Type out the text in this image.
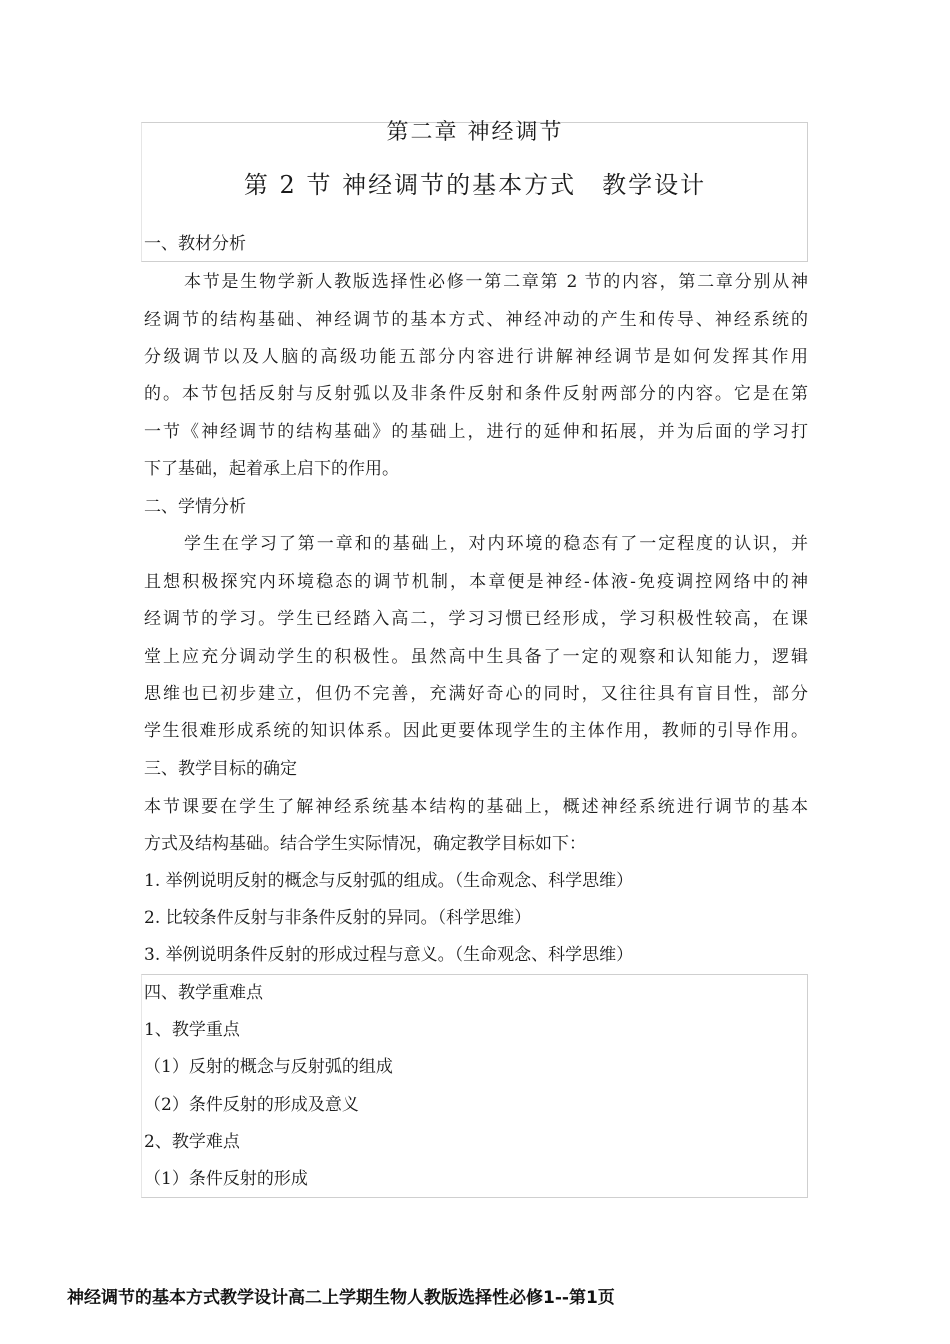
第二章 神经调节
第 2 节 神经调节的基本方式　教学设计
一、教材分析
本节是生物学新人教版选择性必修一第二章第 2 节的内容，第二章分别从神
经调节的结构基础、神经调节的基本方式、神经冲动的产生和传导、神经系统的
分级调节以及人脑的高级功能五部分内容进行讲解神经调节是如何发挥其作用
的。本节包括反射与反射弧以及非条件反射和条件反射两部分的内容。它是在第
一节《神经调节的结构基础》的基础上，进行的延伸和拓展，并为后面的学习打
下了基础，起着承上启下的作用。
二、学情分析
学生在学习了第一章和的基础上，对内环境的稳态有了一定程度的认识，并
且想积极探究内环境稳态的调节机制，本章便是神经-体液-免疫调控网络中的神
经调节的学习。学生已经踏入高二，学习习惯已经形成，学习积极性较高，在课
堂上应充分调动学生的积极性。虽然高中生具备了一定的观察和认知能力，逻辑
思维也已初步建立，但仍不完善，充满好奇心的同时，又往往具有盲目性，部分
学生很难形成系统的知识体系。因此更要体现学生的主体作用，教师的引导作用。
三、教学目标的确定
本节课要在学生了解神经系统基本结构的基础上，概述神经系统进行调节的基本
方式及结构基础。结合学生实际情况，确定教学目标如下：
1. 举例说明反射的概念与反射弧的组成。（生命观念、科学思维）
2. 比较条件反射与非条件反射的异同。（科学思维）
3. 举例说明条件反射的形成过程与意义。（生命观念、科学思维）
四、教学重难点
1、教学重点
（1）反射的概念与反射弧的组成
（2）条件反射的形成及意义
2、教学难点
（1）条件反射的形成
神经调节的基本方式教学设计高二上学期生物人教版选择性必修1--第1页
